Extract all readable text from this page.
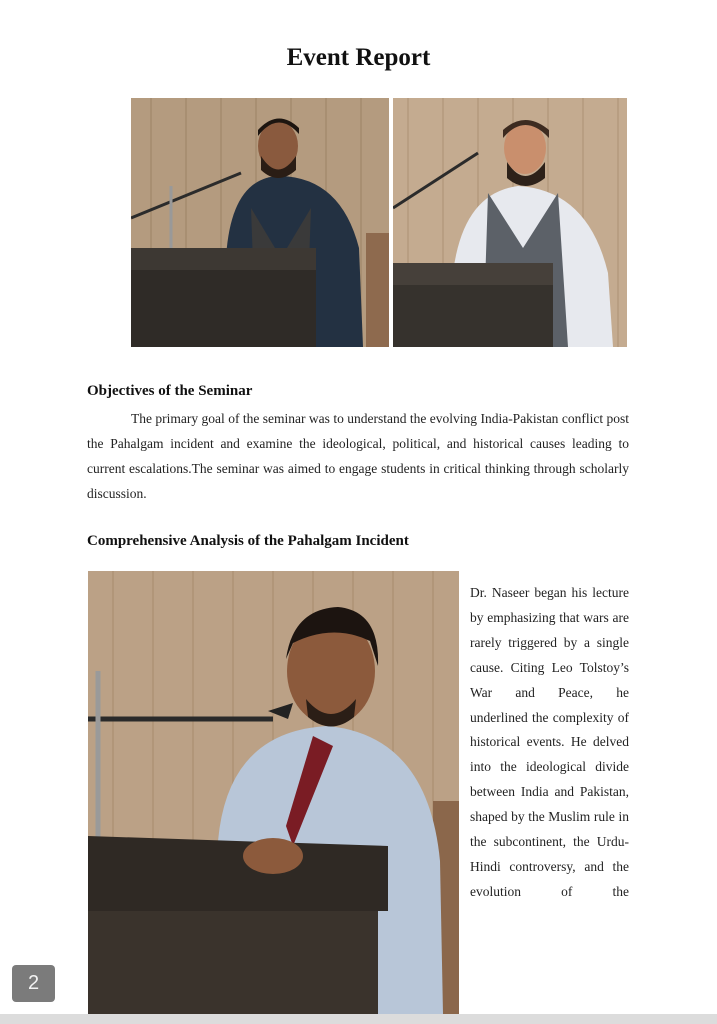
Event Report
Objectives of the Seminar
The primary goal of the seminar was to understand the evolving India-Pakistan conflict post the Pahalgam incident and examine the ideological, political, and historical causes leading to current escalations.The seminar was aimed to engage students in critical thinking through scholarly discussion.
Comprehensive Analysis of the Pahalgam Incident
Dr. Naseer began his lecture by emphasizing that wars are rarely triggered by a single cause. Citing Leo Tolstoy’s War and Peace, he underlined the complexity of historical events. He delved into the ideological divide between India and Pakistan, shaped by the Muslim rule in the subcontinent, the Urdu-Hindi controversy, and the evolution of the
2
